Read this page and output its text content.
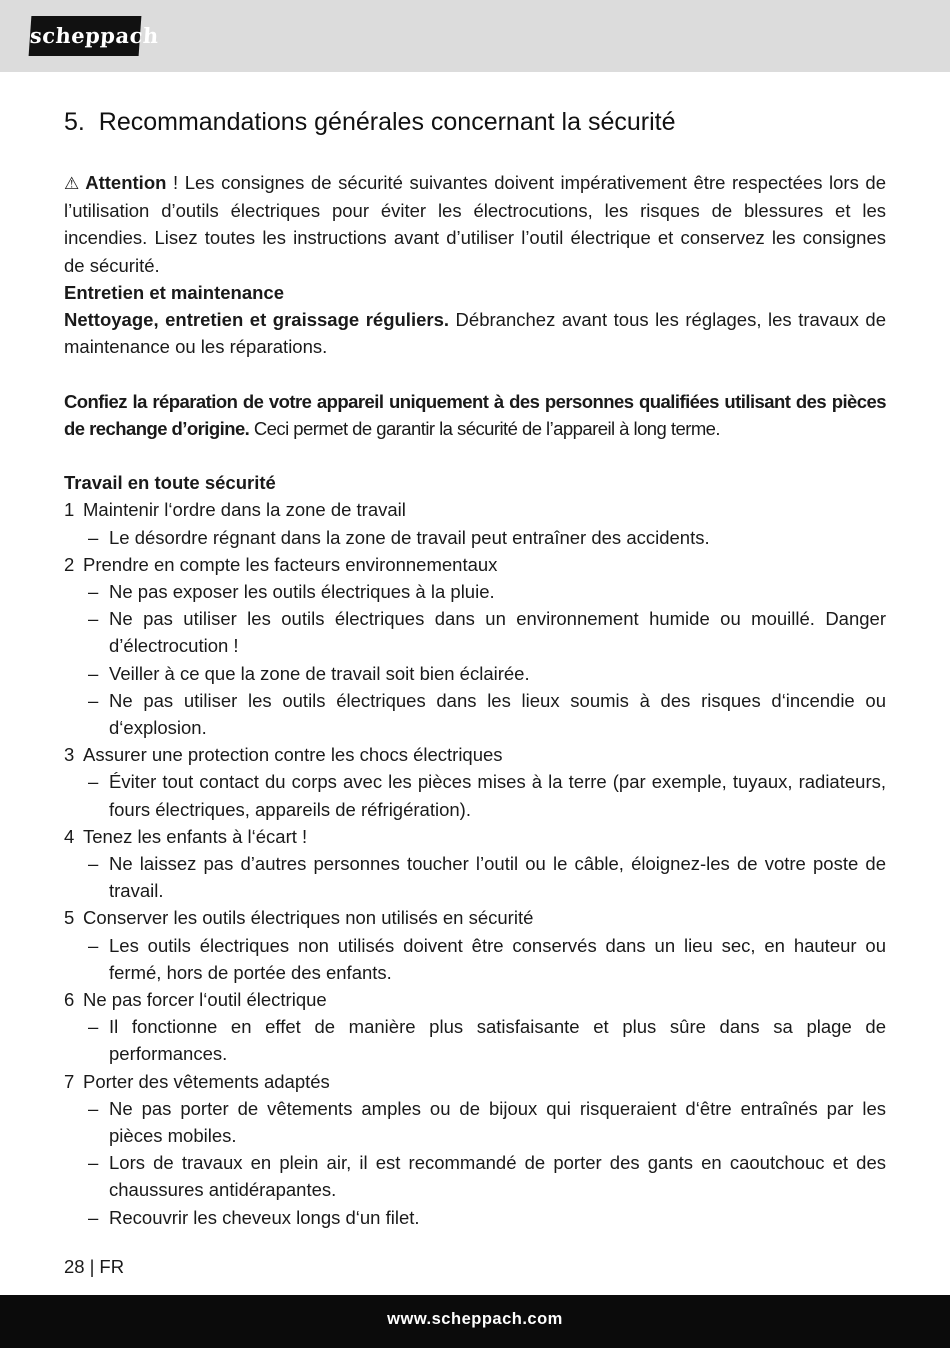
scheppach
5. Recommandations générales concernant la sécurité

⚠ Attention ! Les consignes de sécurité suivantes doivent impérativement être respectées lors de l’utilisation d’outils électriques pour éviter les électrocutions, les risques de blessures et les incendies. Lisez toutes les instructions avant d’utiliser l’outil électrique et conservez les consignes de sécurité.

Entretien et maintenance

Nettoyage, entretien et graissage réguliers. Débranchez avant tous les réglages, les travaux de maintenance ou les réparations.

Confiez la réparation de votre appareil uniquement à des personnes qualifiées utilisant des pièces de rechange d’origine. Ceci permet de garantir la sécurité de l’appareil à long terme.

Travail en toute sécurité

1 Maintenir l‘ordre dans la zone de travail
– Le désordre régnant dans la zone de travail peut entraîner des accidents.
2 Prendre en compte les facteurs environnementaux
– Ne pas exposer les outils électriques à la pluie.
– Ne pas utiliser les outils électriques dans un environnement humide ou mouillé. Danger d’électrocution !
– Veiller à ce que la zone de travail soit bien éclairée.
– Ne pas utiliser les outils électriques dans les lieux soumis à des risques d‘incendie ou d‘explosion.
3 Assurer une protection contre les chocs électriques
– Éviter tout contact du corps avec les pièces mises à la terre (par exemple, tuyaux, radiateurs, fours électriques, appareils de réfrigération).
4 Tenez les enfants à l‘écart !
– Ne laissez pas d’autres personnes toucher l’outil ou le câble, éloignez-les de votre poste de travail.
5 Conserver les outils électriques non utilisés en sécurité
– Les outils électriques non utilisés doivent être conservés dans un lieu sec, en hauteur ou fermé, hors de portée des enfants.
6 Ne pas forcer l‘outil électrique
– Il fonctionne en effet de manière plus satisfaisante et plus sûre dans sa plage de performances.
7 Porter des vêtements adaptés
– Ne pas porter de vêtements amples ou de bijoux qui risqueraient d‘être entraînés par les pièces mobiles.
– Lors de travaux en plein air, il est recommandé de porter des gants en caoutchouc et des chaussures antidérapantes.
– Recouvrir les cheveux longs d‘un filet.
28 | FR
www.scheppach.com
